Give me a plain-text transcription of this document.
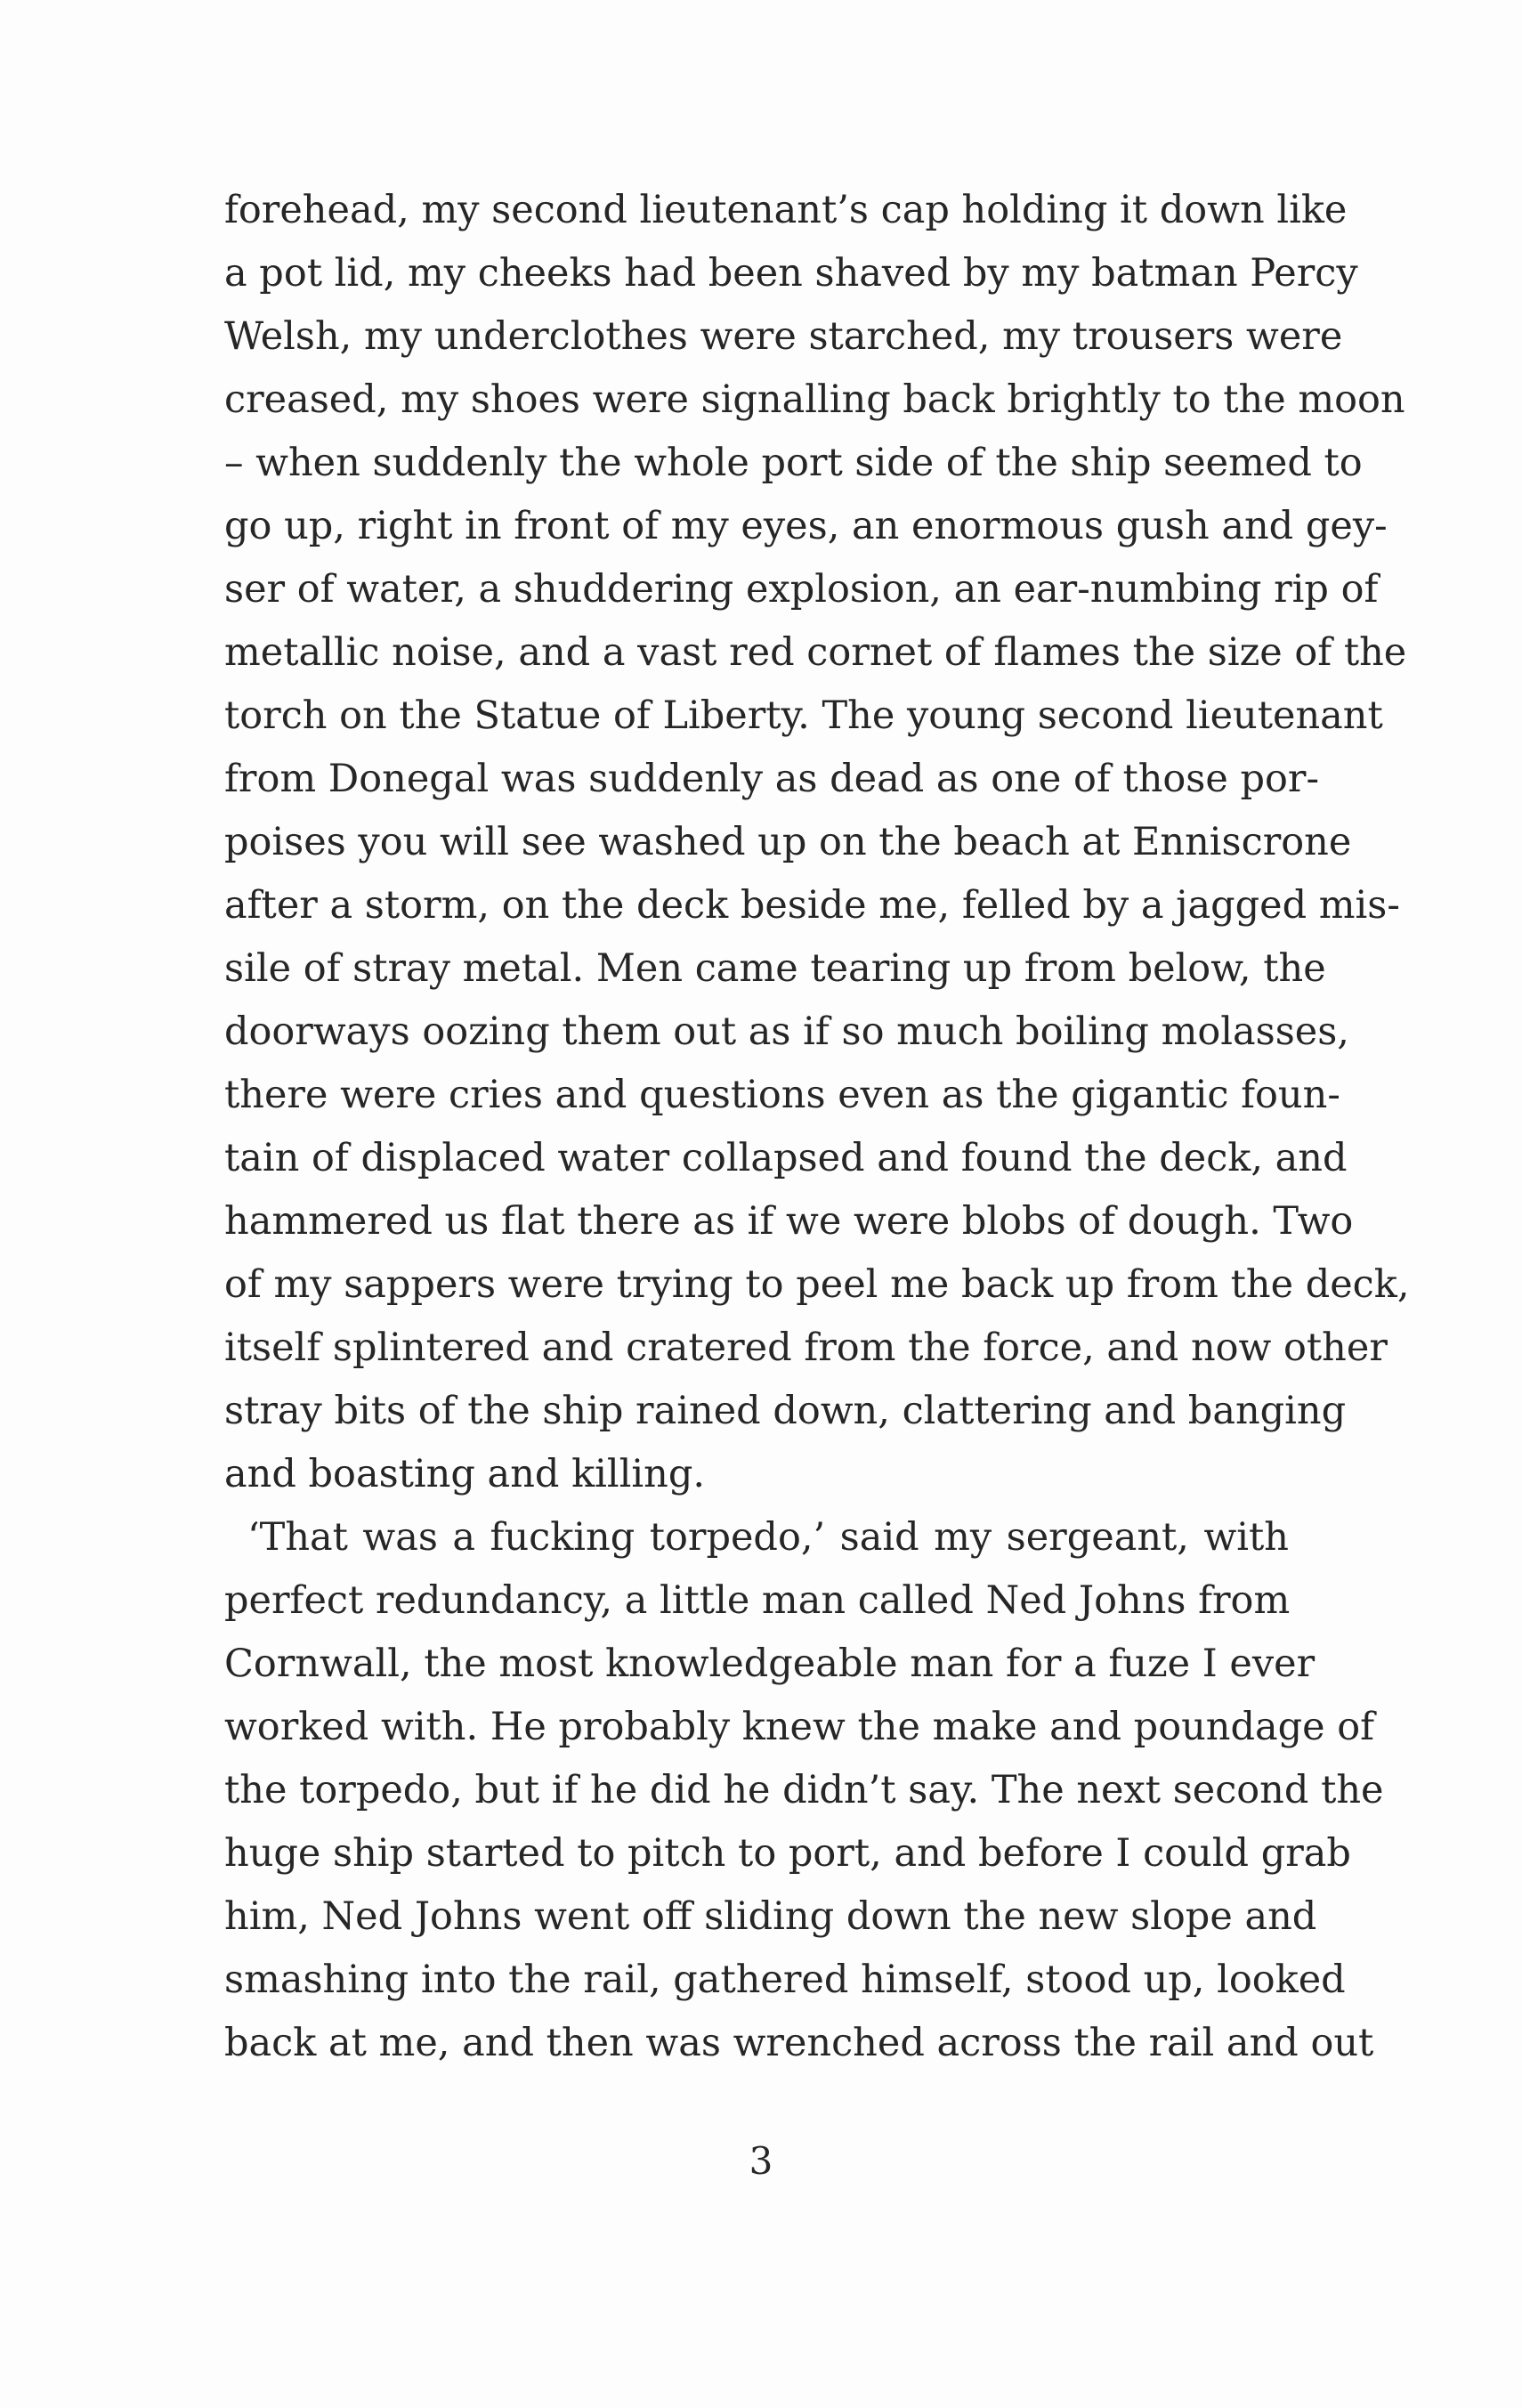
forehead, my second lieutenant’s cap holding it down like
a pot lid, my cheeks had been shaved by my batman Percy
Welsh, my underclothes were starched, my trousers were
creased, my shoes were signalling back brightly to the moon
– when suddenly the whole port side of the ship seemed to
go up, right in front of my eyes, an enormous gush and gey-
ser of water, a shuddering explosion, an ear-numbing rip of
metallic noise, and a vast red cornet of flames the size of the
torch on the Statue of Liberty. The young second lieutenant
from Donegal was suddenly as dead as one of those por-
poises you will see washed up on the beach at Enniscrone
after a storm, on the deck beside me, felled by a jagged mis-
sile of stray metal. Men came tearing up from below, the
doorways oozing them out as if so much boiling molasses,
there were cries and questions even as the gigantic foun-
tain of displaced water collapsed and found the deck, and
hammered us flat there as if we were blobs of dough. Two
of my sappers were trying to peel me back up from the deck,
itself splintered and cratered from the force, and now other
stray bits of the ship rained down, clattering and banging
and boasting and killing.
‘That was a fucking torpedo,’ said my sergeant, with
perfect redundancy, a little man called Ned Johns from
Cornwall, the most knowledgeable man for a fuze I ever
worked with. He probably knew the make and poundage of
the torpedo, but if he did he didn’t say. The next second the
huge ship started to pitch to port, and before I could grab
him, Ned Johns went off sliding down the new slope and
smashing into the rail, gathered himself, stood up, looked
back at me, and then was wrenched across the rail and out
3
